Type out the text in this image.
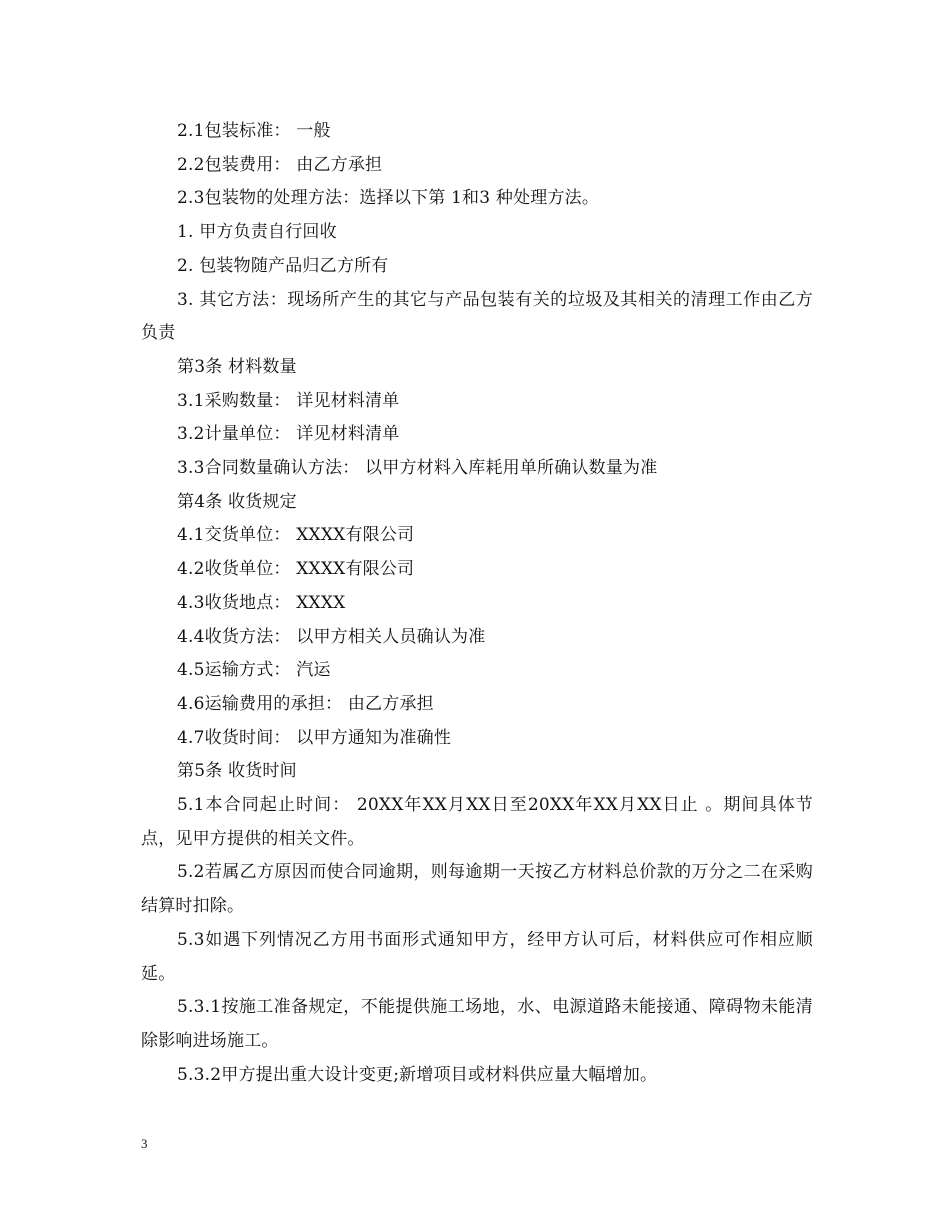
2.1包装标准： 一般

2.2包装费用： 由乙方承担

2.3包装物的处理方法：选择以下第 1和3 种处理方法。

1. 甲方负责自行回收

2. 包装物随产品归乙方所有

3. 其它方法：现场所产生的其它与产品包装有关的垃圾及其相关的清理工作由乙方负责

第3条 材料数量

3.1采购数量： 详见材料清单

3.2计量单位： 详见材料清单

3.3合同数量确认方法： 以甲方材料入库耗用单所确认数量为准

第4条 收货规定

4.1交货单位： XXXX有限公司

4.2收货单位： XXXX有限公司

4.3收货地点： XXXX

4.4收货方法： 以甲方相关人员确认为准

4.5运输方式： 汽运

4.6运输费用的承担： 由乙方承担

4.7收货时间： 以甲方通知为准确性

第5条 收货时间

5.1本合同起止时间： 20XX年XX月XX日至20XX年XX月XX日止 。期间具体节点，见甲方提供的相关文件。

5.2若属乙方原因而使合同逾期，则每逾期一天按乙方材料总价款的万分之二在采购结算时扣除。

5.3如遇下列情况乙方用书面形式通知甲方，经甲方认可后，材料供应可作相应顺延。

5.3.1按施工准备规定，不能提供施工场地，水、电源道路未能接通、障碍物未能清除影响进场施工。

5.3.2甲方提出重大设计变更;新增项目或材料供应量大幅增加。

3
